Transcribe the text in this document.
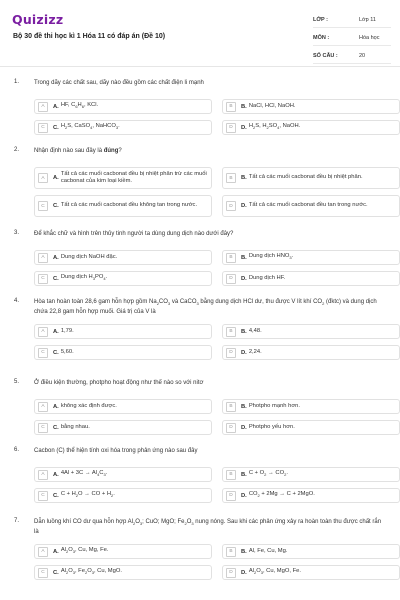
Quizizz
Bộ 30 đề thi học kì 1 Hóa 11 có đáp án (Đề 10)
LỚP :	Lớp 11
MÔN :	Hóa học
SỐ CÂU :	20
1. Trong dãy các chất sau, dãy nào đều gồm các chất điện li mạnh
A	A. HF, $C_6H_6$, KCl.	B	B. NaCl, HCl, NaOH.
C	C. $H_2S$, CaSO$_4$, NaHCO$_3$.	D	D. $H_2S$, $H_2SO_4$, NaOH.
2. Nhận định nào sau đây là đúng?
A	A.
Tất cả các muối cacbonat đều bị nhiệt phân trừ các muối cacbonat của kim loại kiềm.	B	B. Tất cả các muối cacbonat đều bị nhiệt phân.
C	C. Tất cả các muối cacbonat đều không tan trong nước.	D	D. Tất cả các muối cacbonat đều tan trong nước.
3. Để khắc chữ và hình trên thủy tinh người ta dùng dung dịch nào dưới đây?
A	A. Dung dịch NaOH đặc.	B	B. Dung dịch $HNO_3$.
C	C. Dung dịch $H_3PO_4$.	D	D. Dung dịch HF.
4. Hòa tan hoàn toàn 28,6 gam hỗn hợp gồm $Na_2CO_3$ và CaCO$_3$ bằng dung dịch HCl dư, thu được V lít khí $CO_2$ (đktc) và dung dịch chứa 22,8 gam hỗn hợp muối. Giá trị của V là
A	A. 1,79.	B	B. 4,48.
C	C. 5,60.	D	D. 2,24.
5. Ở điều kiện thường, photpho hoạt động như thế nào so với nitơ
A	A. không xác định được.	B	B. Photpho mạnh hơn.
C	C. bằng nhau.	D	D. Photpho yếu hơn.
6. Cacbon (C) thể hiện tính oxi hóa trong phản ứng nào sau đây
A	A. $4Al + 3C \to Al_4C_3$.	B	B. $C + O_2 \to CO_2$.
C	C. $C + H_2O$ → CO + $H_2$.	D	D. $CO_2 + 2Mg \to C + 2MgO$.
7. Dẫn luồng khí CO dư qua hỗn hợp $Al_2O_3$; CuO; MgO; $Fe_2O_3$ nung nóng. Sau khi các phản ứng xảy ra hoàn toàn thu được chất rắn là
A	A. $Al_2O_3$, Cu, Mg, Fe.	B	B. Al, Fe, Cu, Mg.
C	C. $Al_2O_3$, $Fe_2O_3$, Cu, MgO.	D	D. $Al_2O_3$, Cu, MgO, Fe.
